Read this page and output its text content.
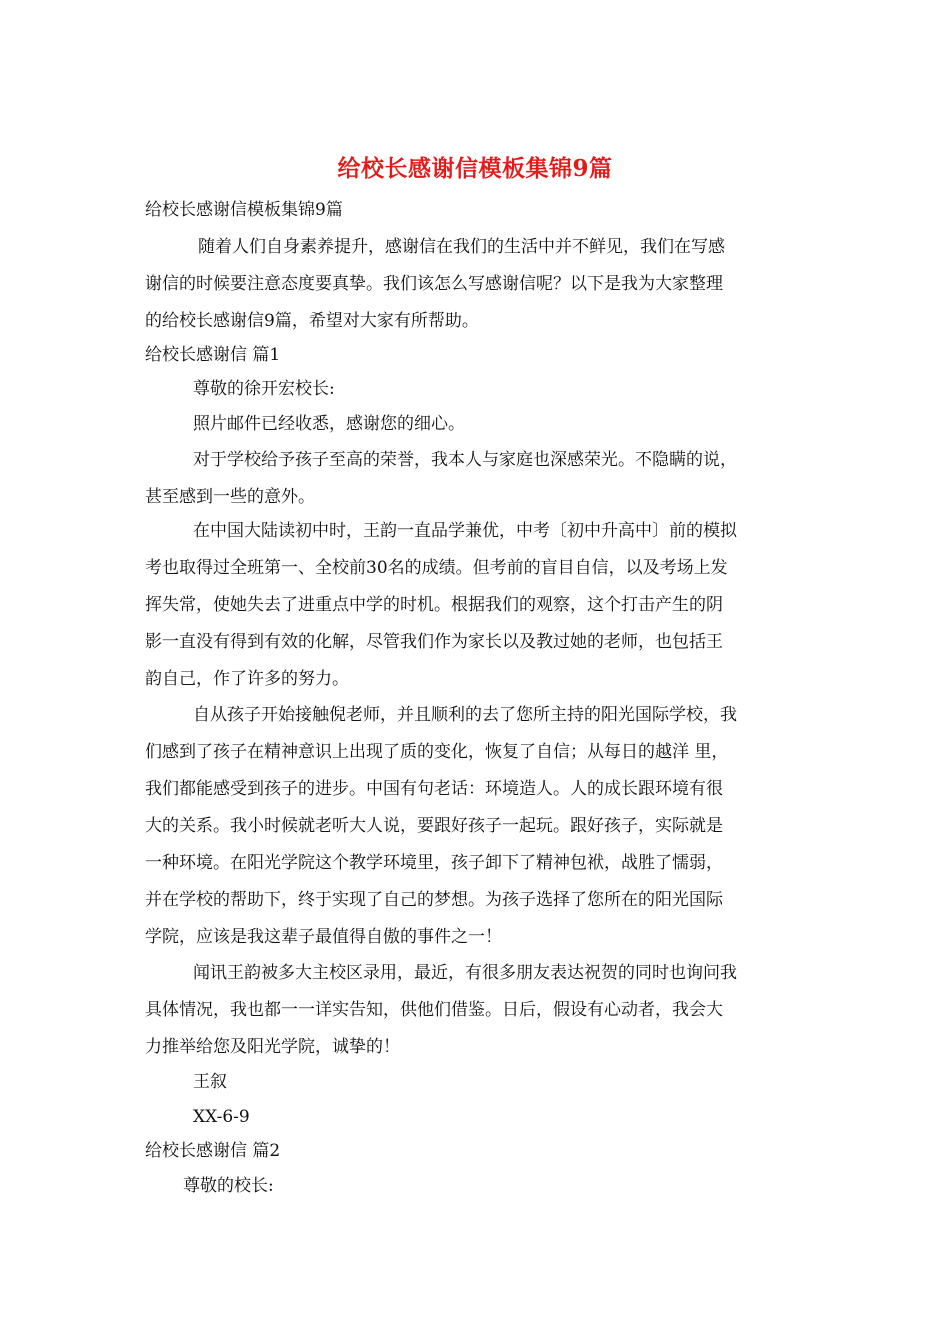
给校长感谢信模板集锦9篇
给校长感谢信模板集锦9篇
随着人们自身素养提升，感谢信在我们的生活中并不鲜见，我们在写感
谢信的时候要注意态度要真挚。我们该怎么写感谢信呢？以下是我为大家整理
的给校长感谢信9篇，希望对大家有所帮助。
给校长感谢信 篇1
尊敬的徐开宏校长:
照片邮件已经收悉，感谢您的细心。
对于学校给予孩子至高的荣誉，我本人与家庭也深感荣光。不隐瞒的说，
甚至感到一些的意外。
在中国大陆读初中时，王韵一直品学兼优，中考〔初中升高中〕前的模拟
考也取得过全班第一、全校前30名的成绩。但考前的盲目自信，以及考场上发
挥失常，使她失去了进重点中学的时机。根据我们的观察，这个打击产生的阴
影一直没有得到有效的化解，尽管我们作为家长以及教过她的老师，也包括王
韵自己，作了许多的努力。
自从孩子开始接触倪老师，并且顺利的去了您所主持的阳光国际学校，我
们感到了孩子在精神意识上出现了质的变化，恢复了自信；从每日的越洋 里，
我们都能感受到孩子的进步。中国有句老话：环境造人。人的成长跟环境有很
大的关系。我小时候就老听大人说，要跟好孩子一起玩。跟好孩子，实际就是
一种环境。在阳光学院这个教学环境里，孩子卸下了精神包袱，战胜了懦弱，
并在学校的帮助下，终于实现了自己的梦想。为孩子选择了您所在的阳光国际
学院，应该是我这辈子最值得自傲的事件之一！
闻讯王韵被多大主校区录用，最近，有很多朋友表达祝贺的同时也询问我
具体情况，我也都一一详实告知，供他们借鉴。日后，假设有心动者，我会大
力推举给您及阳光学院，诚挚的！
王叙
XX-6-9
给校长感谢信 篇2
尊敬的校长:
